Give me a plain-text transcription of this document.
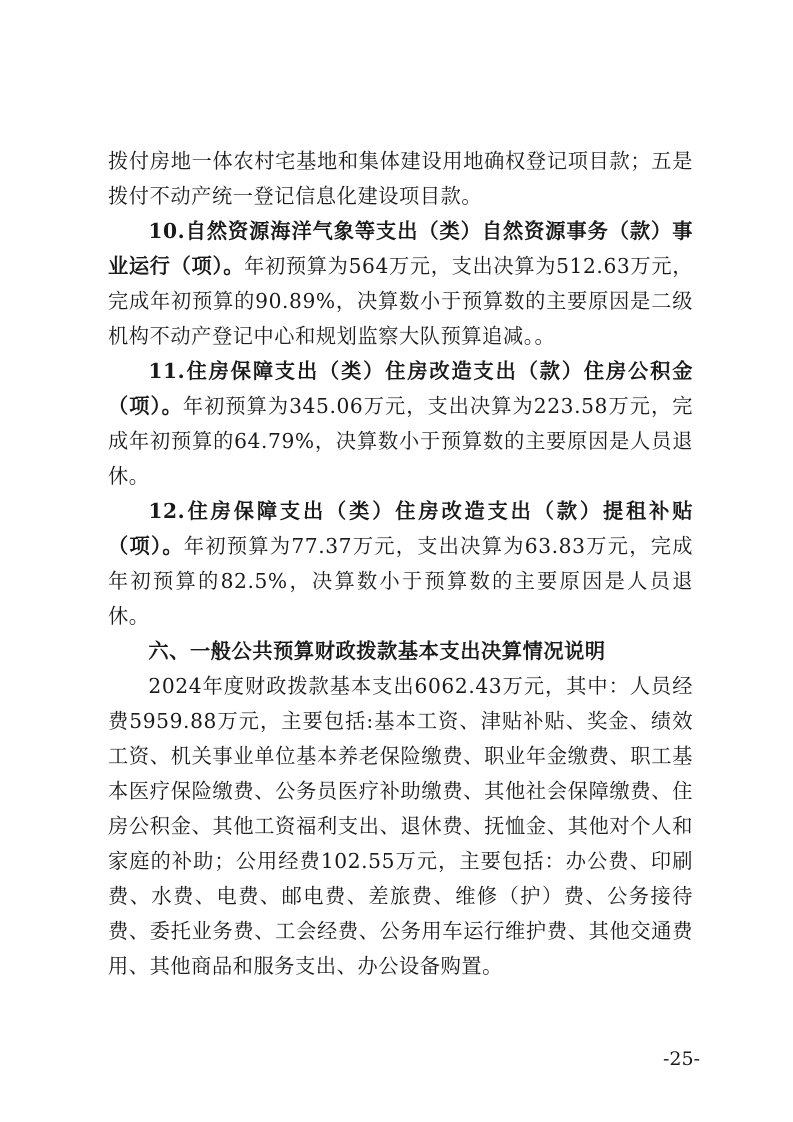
拨付房地一体农村宅基地和集体建设用地确权登记项目款；五是拨付不动产统一登记信息化建设项目款。

10.自然资源海洋气象等支出（类）自然资源事务（款）事业运行（项）。年初预算为564万元，支出决算为512.63万元，完成年初预算的90.89%，决算数小于预算数的主要原因是二级机构不动产登记中心和规划监察大队预算追减。。

11.住房保障支出（类）住房改造支出（款）住房公积金（项）。年初预算为345.06万元，支出决算为223.58万元，完成年初预算的64.79%，决算数小于预算数的主要原因是人员退休。

12.住房保障支出（类）住房改造支出（款）提租补贴（项）。年初预算为77.37万元，支出决算为63.83万元，完成年初预算的82.5%，决算数小于预算数的主要原因是人员退休。

六、一般公共预算财政拨款基本支出决算情况说明

2024年度财政拨款基本支出6062.43万元，其中：人员经费5959.88万元，主要包括:基本工资、津贴补贴、奖金、绩效工资、机关事业单位基本养老保险缴费、职业年金缴费、职工基本医疗保险缴费、公务员医疗补助缴费、其他社会保障缴费、住房公积金、其他工资福利支出、退休费、抚恤金、其他对个人和家庭的补助；公用经费102.55万元，主要包括：办公费、印刷费、水费、电费、邮电费、差旅费、维修（护）费、公务接待费、委托业务费、工会经费、公务用车运行维护费、其他交通费用、其他商品和服务支出、办公设备购置。

-25-
